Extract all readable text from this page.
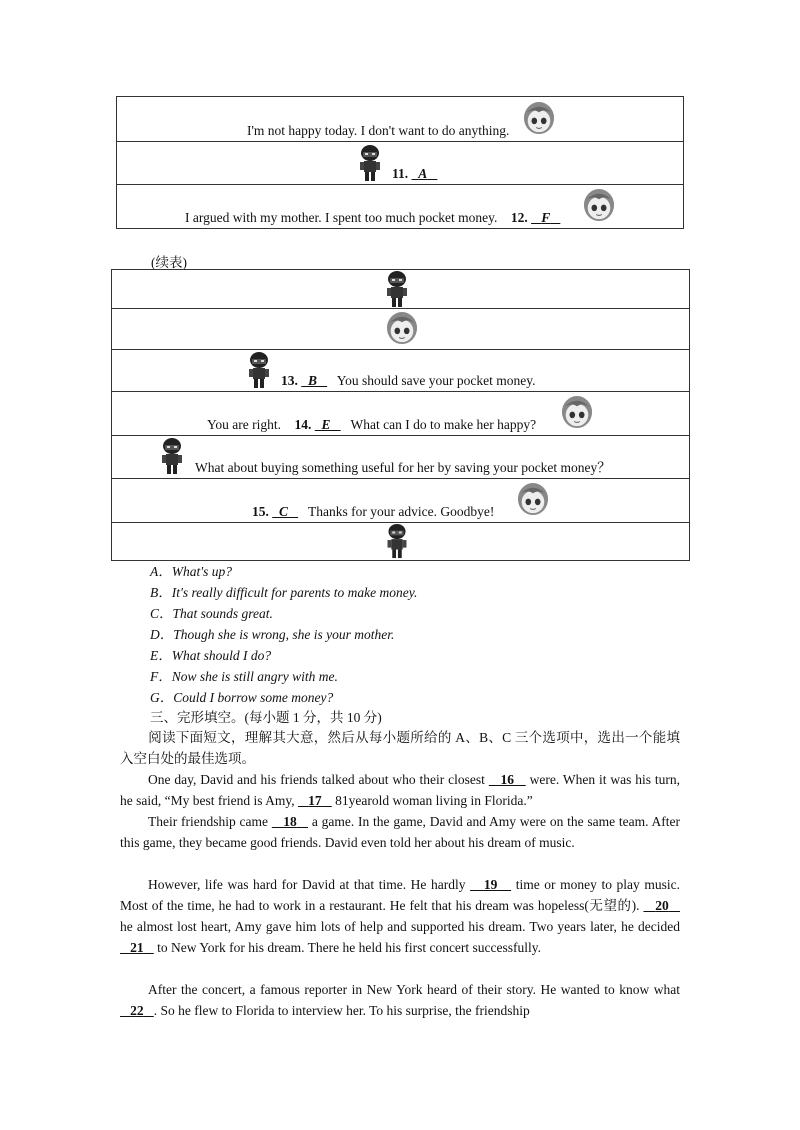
I'm not happy today. I don't want to do anything.

11. A

I argued with my mother. I spent too much pocket money. 12. F
(续表)

13. B You should save your pocket money.

You are right. 14. E What can I do to make her happy?

What about buying something useful for her by saving your pocket money？

15. C Thanks for your advice. Goodbye!

A．What's up?
B．It's really difficult for parents to make money.
C．That sounds great.
D．Though she is wrong, she is your mother.
E．What should I do?
F．Now she is still angry with me.
G．Could I borrow some money?
三、完形填空。(每小题 1 分，共 10 分)
阅读下面短文，理解其大意，然后从每小题所给的 A、B、C 三个选项中，选出一个能填入空白处的最佳选项。
One day, David and his friends talked about who their closest 16 were. When it was his turn, he said, “My best friend is Amy, 17 81yearold woman living in Florida.”
Their friendship came 18 a game. In the game, David and Amy were on the same team. After this game, they became good friends. David even told her about his dream of music.
However, life was hard for David at that time. He hardly 19 time or money to play music. Most of the time, he had to work in a restaurant. He felt that his dream was hopeless(无望的). 20    he almost lost heart, Amy gave him lots of help and supported his dream. Two years later, he decided    21 to New York for his dream. There he held his first concert successfully.
After the concert, a famous reporter in New York heard of their story. He wanted to know what    22 . So he flew to Florida to interview her. To his surprise, the friendship
